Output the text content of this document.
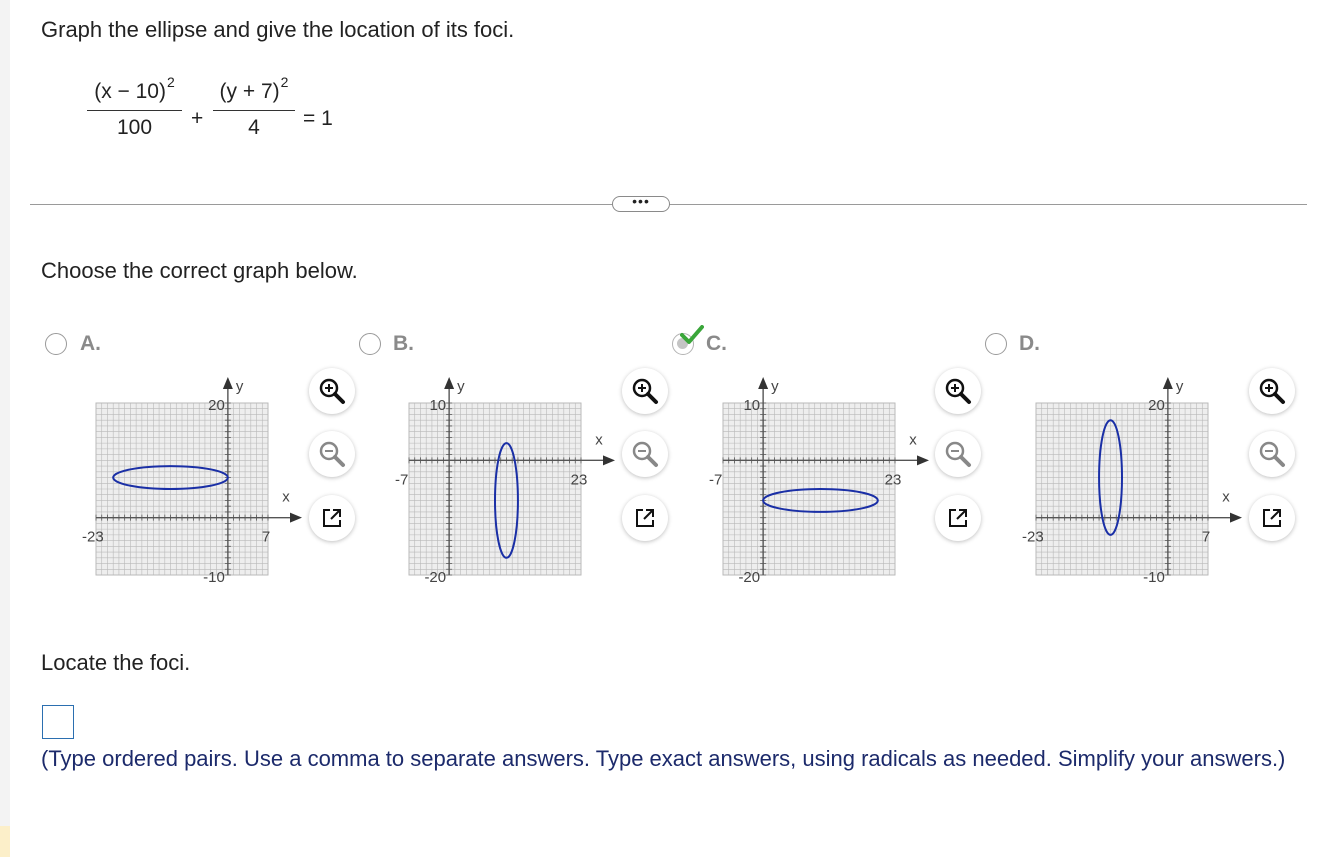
Graph the ellipse and give the location of its foci.
$(x - 10)^2$
100	+
$(y + 7)^2$
4	= 1
•••
Choose the correct graph below.
A.
y
x
20
-10
-23	7
B.
y
x
10
-20
-7	23
C.
y
x
10
-20
-7	23
D.
y
x
20
-10
-23	7
Locate the foci.
(Type ordered pairs. Use a comma to separate answers. Type exact answers, using radicals as needed. Simplify your answers.)
